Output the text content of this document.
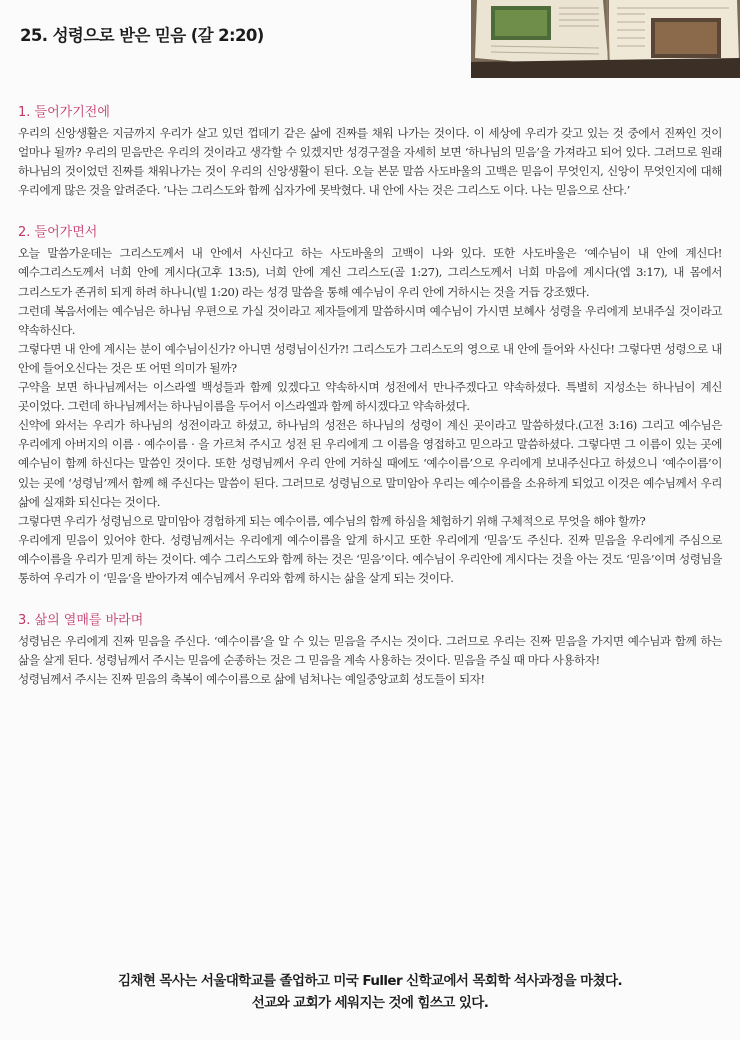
25. 성령으로 받은 믿음 (갈 2:20)
1. 들어가기전에

우리의 신앙생활은 지금까지 우리가 살고 있던 껍데기 같은 삶에 진짜를 채워 나가는 것이다. 이 세상에 우리가 갖고 있는 것 중에서 진짜인 것이 얼마나 될까? 우리의 믿음만은 우리의 것이라고 생각할 수 있겠지만 성경구절을 자세히 보면 ‘하나님의 믿음’을 가져라고 되어 있다. 그러므로 원래 하나님의 것이었던 진짜를 채워나가는 것이 우리의 신앙생활이 된다. 오늘 본문 말씀 사도바울의 고백은 믿음이 무엇인지, 신앙이 무엇인지에 대해 우리에게 많은 것을 알려준다. ‘나는 그리스도와 함께 십자가에 못박혔다. 내 안에 사는 것은 그리스도 이다. 나는 믿음으로 산다.’

2. 들어가면서

오늘 말씀가운데는 그리스도께서 내 안에서 사신다고 하는 사도바울의 고백이 나와 있다. 또한 사도바울은 ‘예수님이 내 안에 계신다! 예수그리스도께서 너희 안에 계시다(고후 13:5), 너희 안에 계신 그리스도(골 1:27), 그리스도께서 너희 마음에 계시다(엡 3:17), 내 몸에서 그리스도가 존귀히 되게 하려 하나니(빌 1:20) 라는 성경 말씀을 통해 예수님이 우리 안에 거하시는 것을 거듭 강조했다.

그런데 복음서에는 예수님은 하나님 우편으로 가실 것이라고 제자들에게 말씀하시며 예수님이 가시면 보혜사 성령을 우리에게 보내주실 것이라고 약속하신다.

그렇다면 내 안에 계시는 분이 예수님이신가? 아니면 성령님이신가?! 그리스도가 그리스도의 영으로 내 안에 들어와 사신다! 그렇다면 성령으로 내 안에 들어오신다는 것은 또 어떤 의미가 될까?

구약을 보면 하나님께서는 이스라엘 백성들과 함께 있겠다고 약속하시며 성전에서 만나주겠다고 약속하셨다. 특별히 지성소는 하나님이 계신 곳이었다. 그런데 하나님께서는 하나님이름을 두어서 이스라엘과 함께 하시겠다고 약속하셨다.

신약에 와서는 우리가 하나님의 성전이라고 하셨고, 하나님의 성전은 하나님의 성령이 계신 곳이라고 말씀하셨다.(고전 3:16) 그리고 예수님은 우리에게 아버지의 이름 · 예수이름 · 을 가르쳐 주시고 성전 된 우리에게 그 이름을 영접하고 믿으라고 말씀하셨다. 그렇다면 그 이름이 있는 곳에 예수님이 함께 하신다는 말씀인 것이다. 또한 성령님께서 우리 안에 거하실 때에도 ‘예수이름’으로 우리에게 보내주신다고 하셨으니 ‘예수이름’이 있는 곳에 ‘성령님’께서 함께 해 주신다는 말씀이 된다. 그러므로 성령님으로 말미암아 우리는 예수이름을 소유하게 되었고 이것은 예수님께서 우리 삶에 실재화 되신다는 것이다.

그렇다면 우리가 성령님으로 말미암아 경험하게 되는 예수이름, 예수님의 함께 하심을 체험하기 위해 구체적으로 무엇을 해야 할까?

우리에게 믿음이 있어야 한다. 성령님께서는 우리에게 예수이름을 알게 하시고 또한 우리에게 ‘믿음’도 주신다. 진짜 믿음을 우리에게 주심으로 예수이름을 우리가 믿게 하는 것이다. 예수 그리스도와 함께 하는 것은 ‘믿음’이다. 예수님이 우리안에 계시다는 것을 아는 것도 ‘믿음’이며 성령님을 통하여 우리가 이 ‘믿음’을 받아가져 예수님께서 우리와 함께 하시는 삶을 살게 되는 것이다.

3. 삶의 열매를 바라며

성령님은 우리에게 진짜 믿음을 주신다. ‘예수이름’을 알 수 있는 믿음을 주시는 것이다. 그러므로 우리는 진짜 믿음을 가지면 예수님과 함께 하는 삶을 살게 된다. 성령님께서 주시는 믿음에 순종하는 것은 그 믿음을 계속 사용하는 것이다. 믿음을 주실 때 마다 사용하자!

성령님께서 주시는 진짜 믿음의 축복이 예수이름으로 삶에 넘쳐나는 예일중앙교회 성도들이 되자!

김채현 목사는 서울대학교를 졸업하고 미국 Fuller 신학교에서 목회학 석사과정을 마쳤다.

선교와 교회가 세워지는 것에 힘쓰고 있다.
